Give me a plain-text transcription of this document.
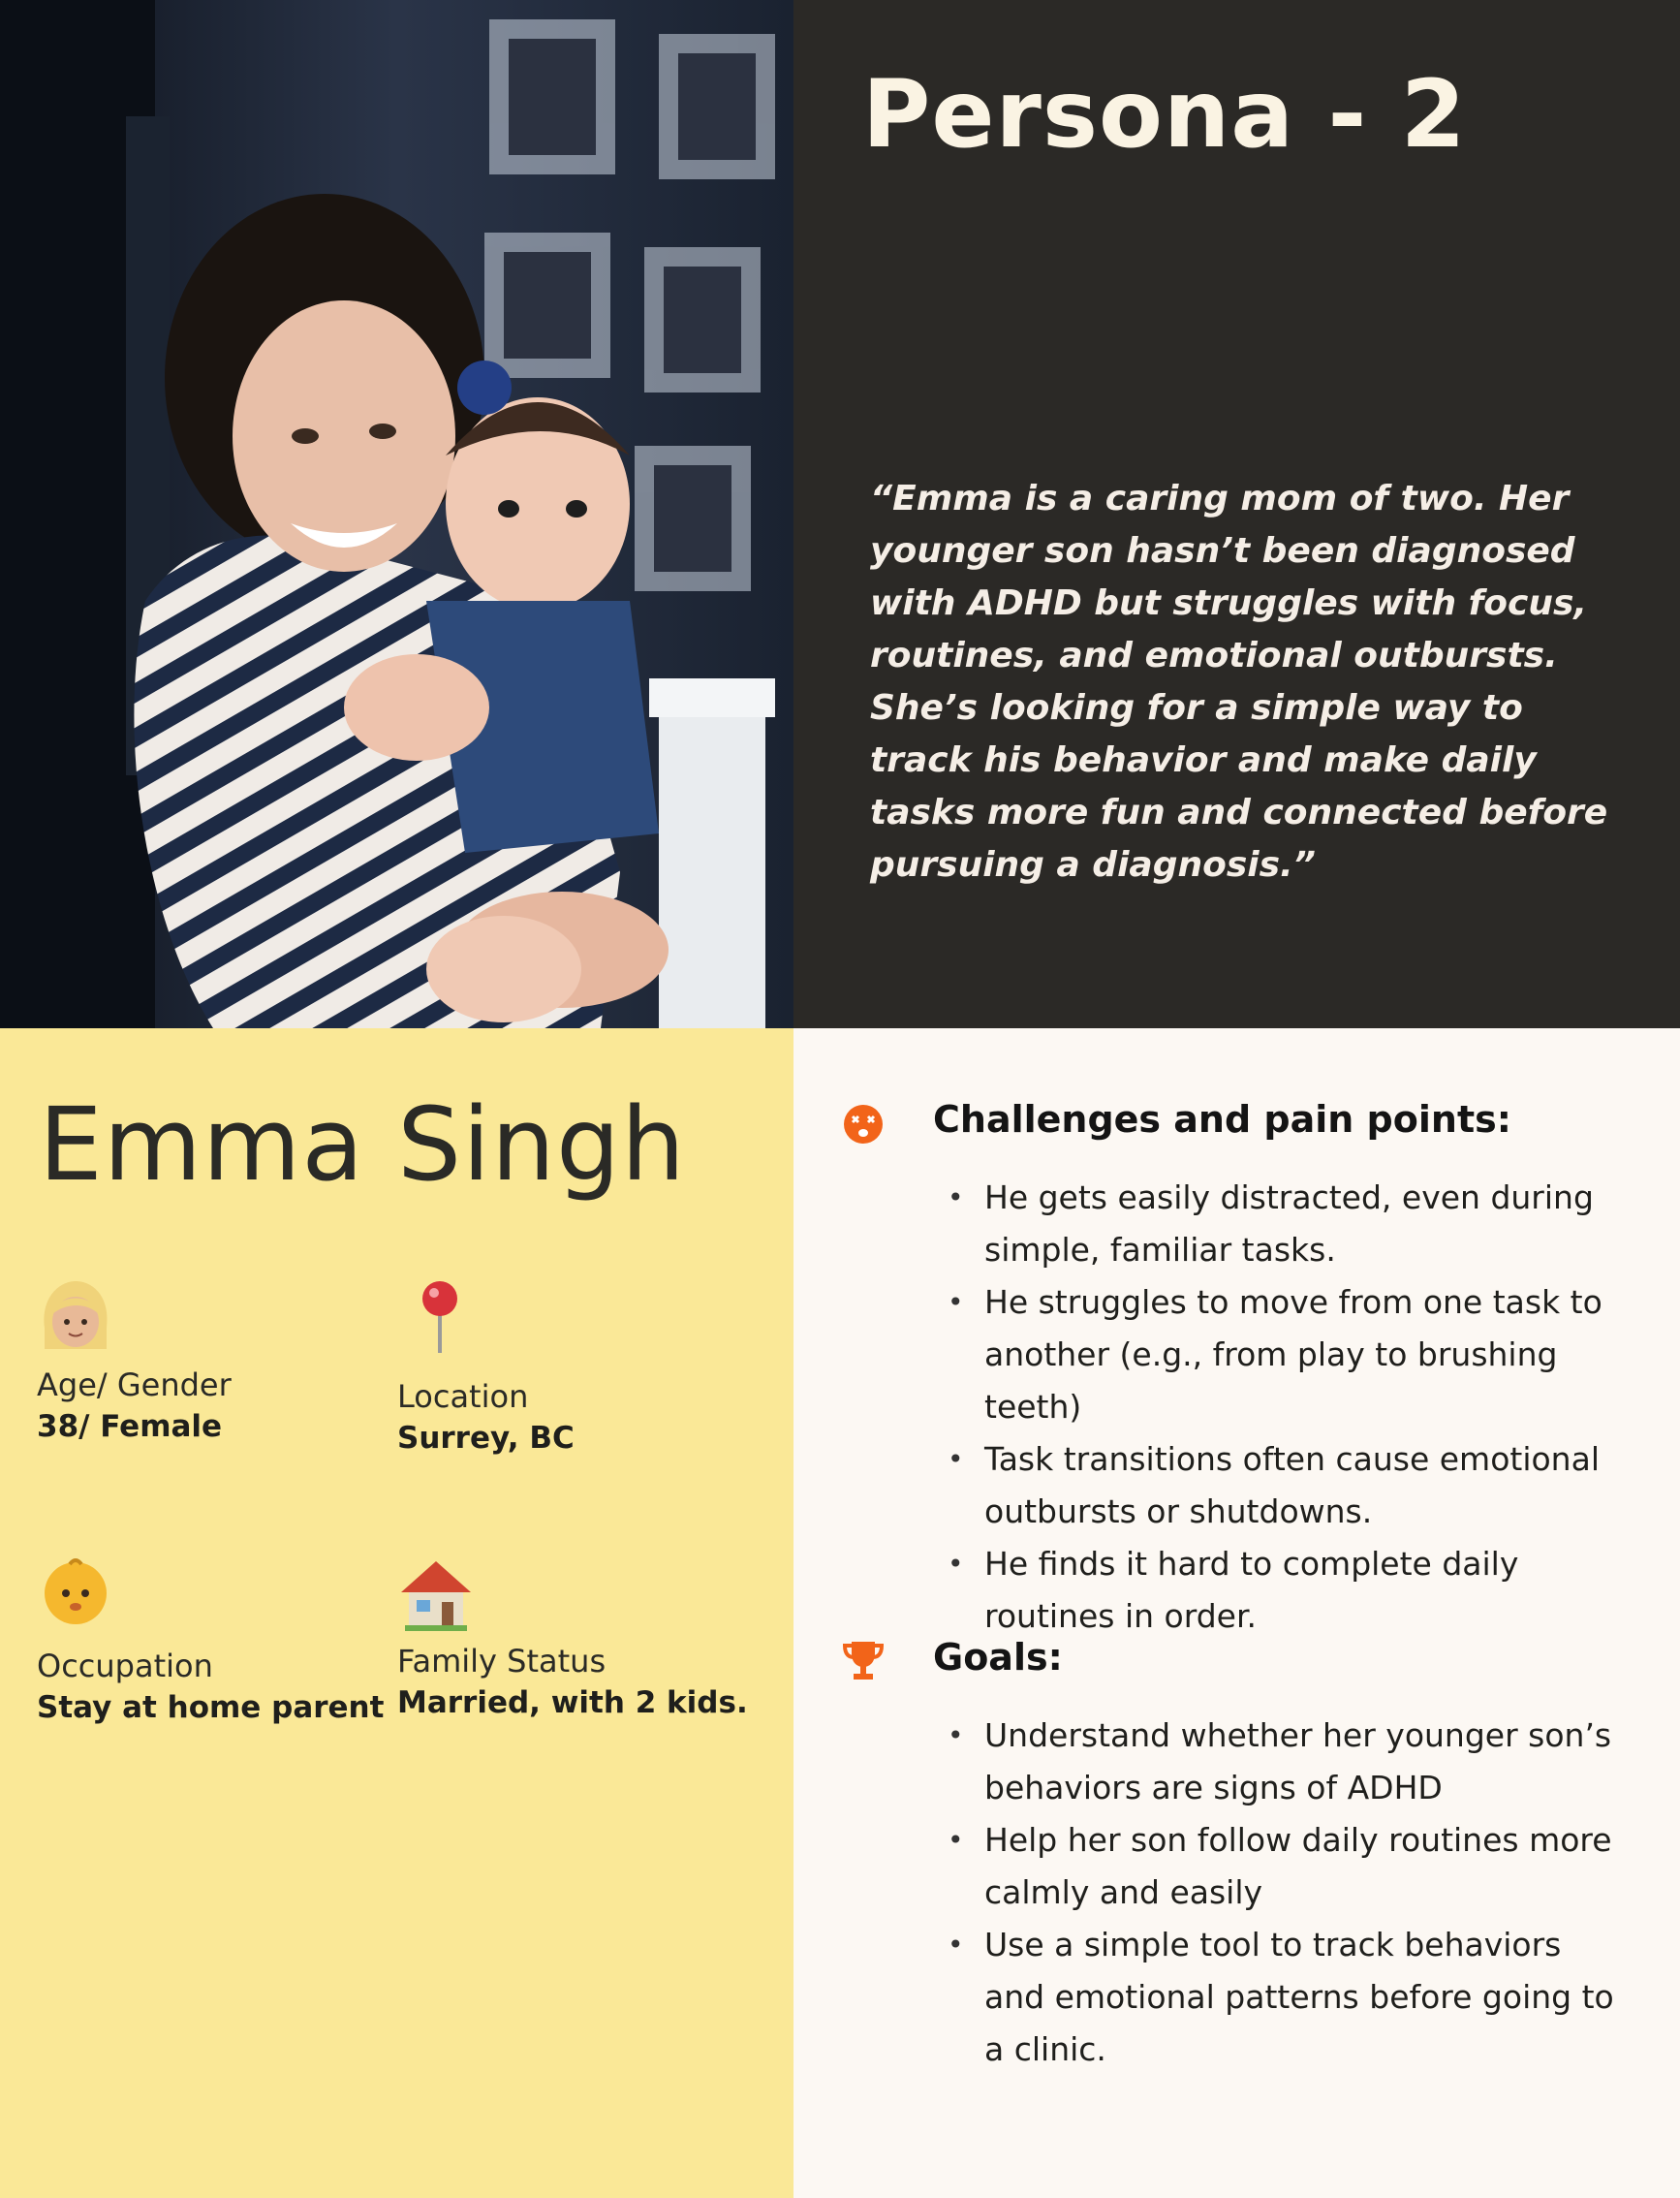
Persona - 2

“Emma is a caring mom of two. Her younger son hasn’t been diagnosed with ADHD but struggles with focus, routines, and emotional outbursts. She’s looking for a simple way to track his behavior and make daily tasks more fun and connected before pursuing a diagnosis.”

Emma Singh
Age/ Gender
38/ Female
Location
Surrey, BC
Occupation
Stay at home parent
Family Status
Married, with 2 kids.
Challenges and pain points:
• He gets easily distracted, even during simple, familiar tasks.
• He struggles to move from one task to another (e.g., from play to brushing teeth)
• Task transitions often cause emotional outbursts or shutdowns.
• He finds it hard to complete daily routines in order.
Goals:
• Understand whether her younger son’s behaviors are signs of ADHD
• Help her son follow daily routines more calmly and easily
• Use a simple tool to track behaviors and emotional patterns before going to a clinic.
